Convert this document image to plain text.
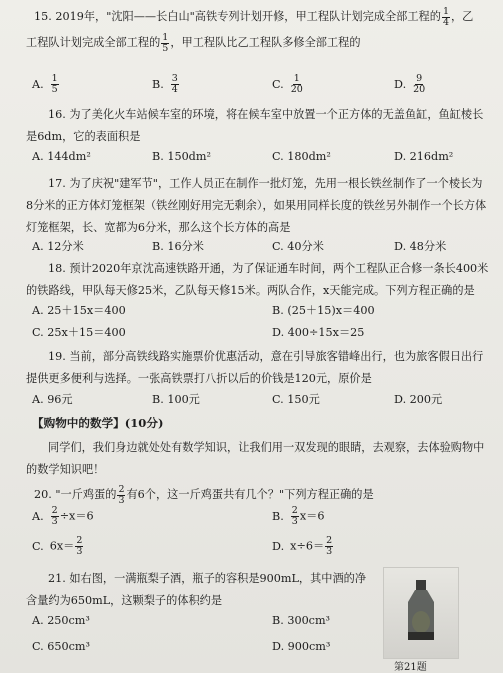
15. 2019年，"沈阳——长白山"高铁专列计划开修，甲工程队计划完成全部工程的 $\frac{1}{4}$ ，乙
工程队计划完成全部工程的 $\frac{1}{5}$ ，甲工程队比乙工程队多修全部工程的
A. $\frac{1}{5}$	B. $\frac{3}{4}$	C. $\frac{1}{20}$	D. $\frac{9}{20}$
16. 为了美化火车站候车室的环境，将在候车室中放置一个正方体的无盖鱼缸，鱼缸棱长是6dm，它的表面积是
A. 144dm²	B. 150dm²	C. 180dm²	D. 216dm²
17. 为了庆祝"建军节"，工作人员正在制作一批灯笼，先用一根长铁丝制作了一个棱长为8分米的正方体灯笼框架（铁丝刚好用完无剩余），如果用同样长度的铁丝另外制作一个长方体灯笼框架，长、宽都为6分米，那么这个长方体的高是
A. 12分米	B. 16分米	C. 40分米	D. 48分米
18. 预计2020年京沈高速铁路开通，为了保证通车时间，两个工程队正合修一条长400米的铁路线，甲队每天修25米，乙队每天修15米。两队合作，x天能完成。下列方程正确的是
A. 25＋15x＝400	B. (25＋15)x＝400
C. 25x＋15＝400	D. 400÷15x＝25
19. 当前，部分高铁线路实施票价优惠活动，意在引导旅客错峰出行，也为旅客假日出行提供更多便利与选择。一张高铁票打八折以后的价钱是120元，原价是
A. 96元	B. 100元	C. 150元	D. 200元
【购物中的数学】(10分)
同学们，我们身边就处处有数学知识，让我们用一双发现的眼睛，去观察，去体验购物中的数学知识吧！
20. "一斤鸡蛋的 $\frac{2}{3}$ 有6个，这一斤鸡蛋共有几个？"下列方程正确的是
A. $\frac{2}{3} \div x=6$	B. $\frac{2}{3} x=6$
C. $6x= \frac{2}{3}$	D. $x\div 6= \frac{2}{3}$
21. 如右图，一满瓶梨子酒，瓶子的容积是900mL，其中酒的净含量约为650mL，这颗梨子的体积约是
A. 250cm³	B. 300cm³
C. 650cm³	D. 900cm³
第21题
